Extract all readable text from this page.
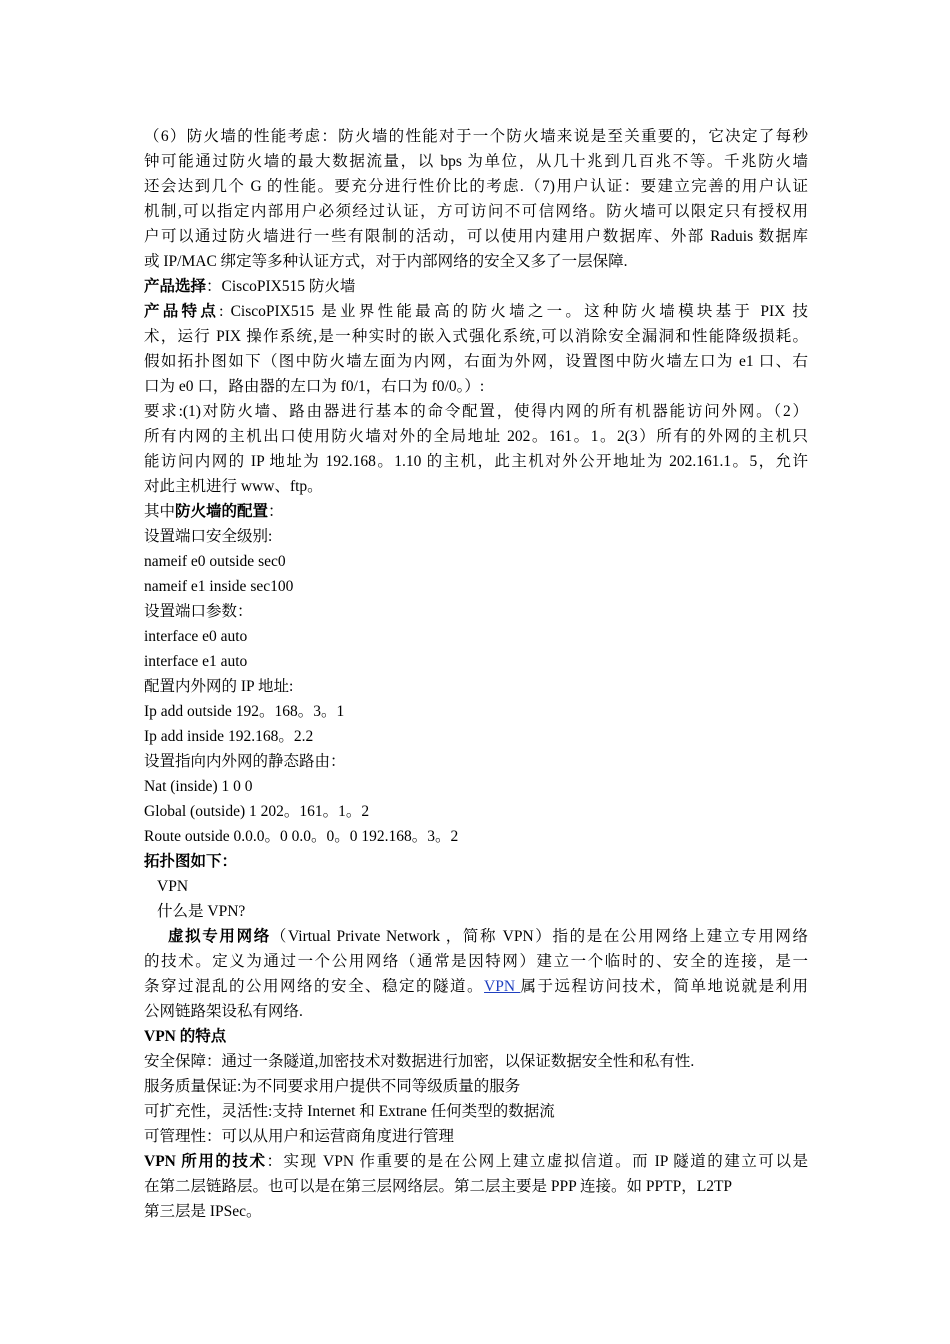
（6）防火墙的性能考虑：防火墙的性能对于一个防火墙来说是至关重要的，它决定了每秒
钟可能通过防火墙的最大数据流量，以 bps 为单位，从几十兆到几百兆不等。千兆防火墙
还会达到几个 G 的性能。要充分进行性价比的考虑.（7)用户认证：要建立完善的用户认证
机制,可以指定内部用户必须经过认证，方可访问不可信网络。防火墙可以限定只有授权用
户可以通过防火墙进行一些有限制的活动，可以使用内建用户数据库、外部 Raduis 数据库
或 IP/MAC 绑定等多种认证方式，对于内部网络的安全又多了一层保障.
产品选择：CiscoPIX515 防火墙
产品特点: CiscoPIX515 是业界性能最高的防火墙之一。这种防火墙模块基于 PIX 技
术，运行 PIX 操作系统,是一种实时的嵌入式强化系统,可以消除安全漏洞和性能降级损耗。
假如拓扑图如下（图中防火墙左面为内网，右面为外网，设置图中防火墙左口为 e1 口、右
口为 e0 口，路由器的左口为 f0/1，右口为 f0/0。）:
要求:(1)对防火墙、路由器进行基本的命令配置，使得内网的所有机器能访问外网。（2）
所有内网的主机出口使用防火墙对外的全局地址 202。161。1。2(3）所有的外网的主机只
能访问内网的 IP 地址为 192.168。1.10 的主机，此主机对外公开地址为 202.161.1。5，允许
对此主机进行 www、ftp。
其中防火墙的配置：
设置端口安全级别:
nameif e0 outside sec0
nameif e1 inside sec100
设置端口参数：
interface e0 auto
interface e1 auto
配置内外网的 IP 地址:
Ip add outside 192。168。3。1
Ip add inside 192.168。2.2
设置指向内外网的静态路由：
Nat (inside) 1 0 0
Global (outside) 1 202。161。1。2
Route outside 0.0.0。0 0.0。0。0 192.168。3。2
拓扑图如下：
VPN
什么是 VPN?
虚拟专用网络（Virtual Private Network ，简称 VPN）指的是在公用网络上建立专用网络
的技术。定义为通过一个公用网络（通常是因特网）建立一个临时的、安全的连接，是一
条穿过混乱的公用网络的安全、稳定的隧道。VPN 属于远程访问技术，简单地说就是利用
公网链路架设私有网络.
VPN 的特点
安全保障：通过一条隧道,加密技术对数据进行加密，以保证数据安全性和私有性.
服务质量保证:为不同要求用户提供不同等级质量的服务
可扩充性，灵活性:支持 Internet 和 Extrane 任何类型的数据流
可管理性：可以从用户和运营商角度进行管理
VPN 所用的技术：实现 VPN 作重要的是在公网上建立虚拟信道。而 IP 隧道的建立可以是
在第二层链路层。也可以是在第三层网络层。第二层主要是 PPP 连接。如 PPTP，L2TP
第三层是 IPSec。
